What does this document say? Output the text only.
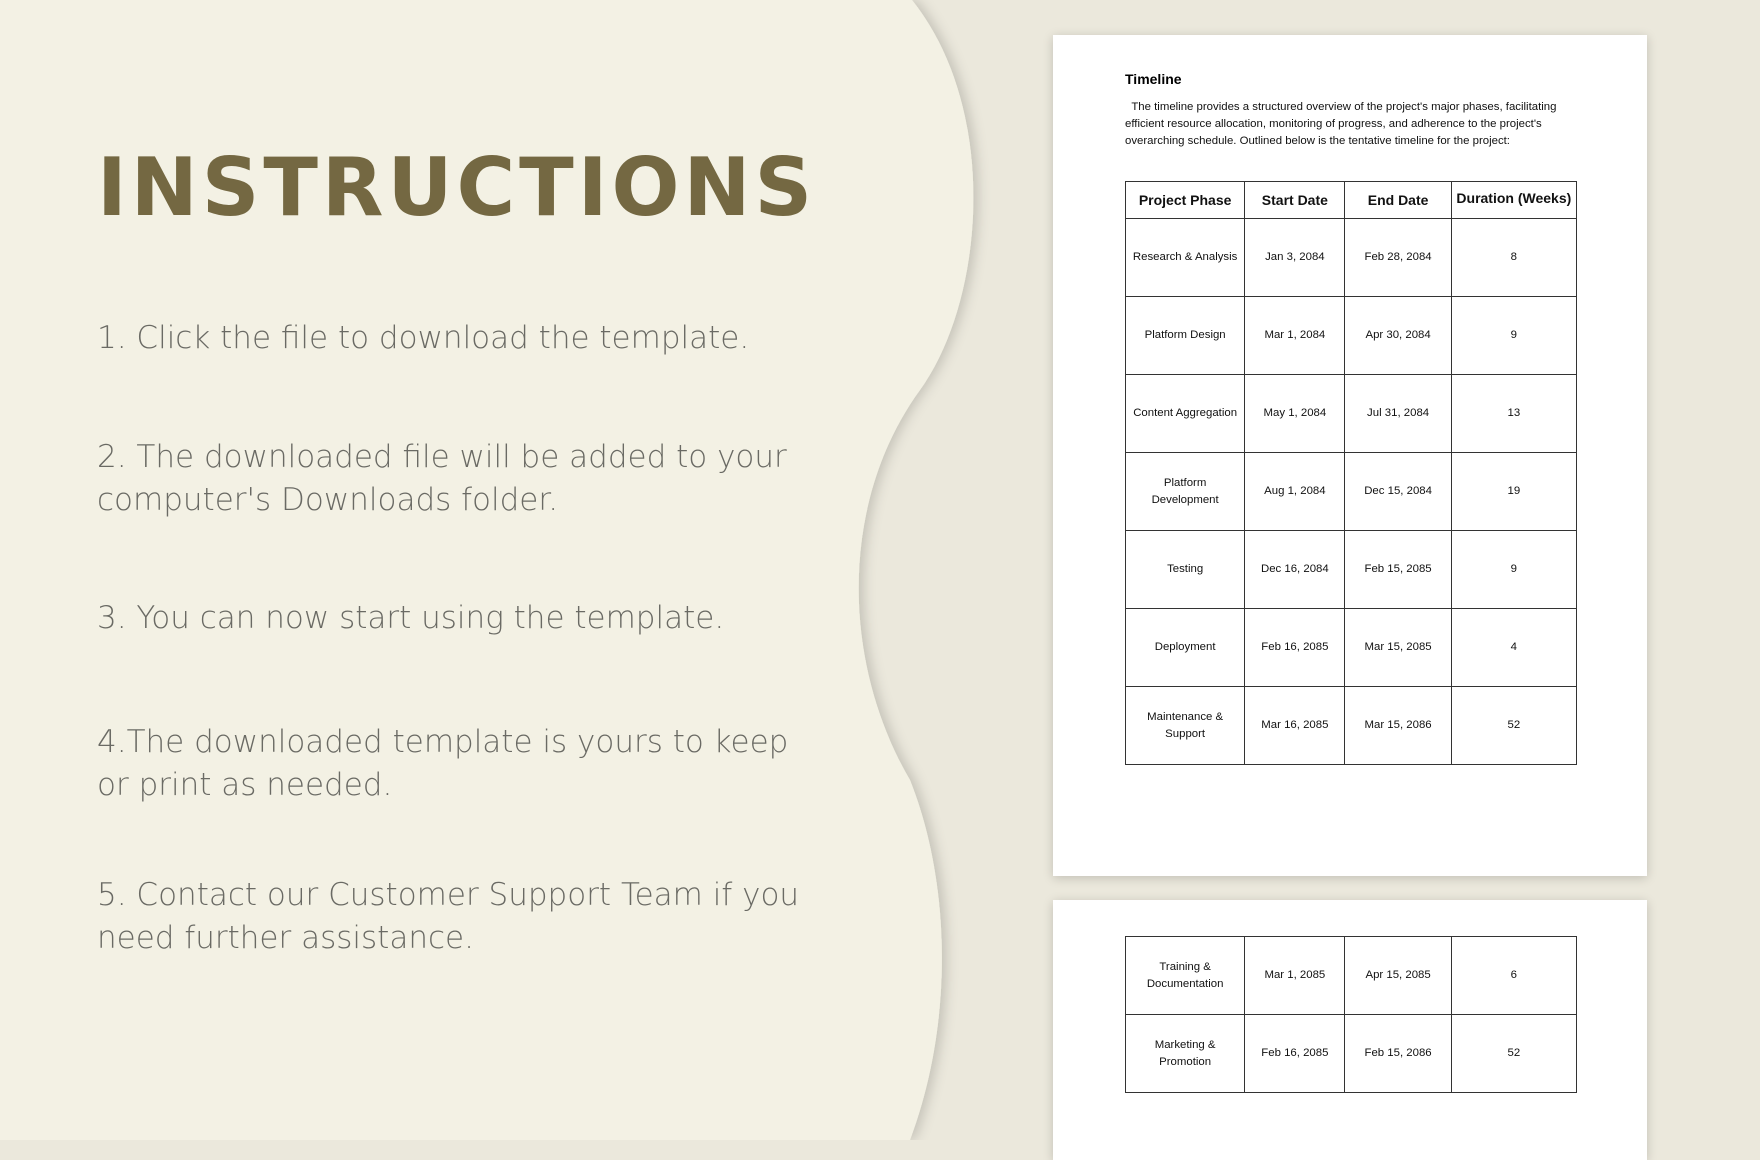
INSTRUCTIONS

1. Click the file to download the template.

2. The downloaded file will be added to your computer's Downloads folder.

3. You can now start using the template.

4.The downloaded template is yours to keep or print as needed.

5. Contact our Customer Support Team if you need further assistance.

Timeline

The timeline provides a structured overview of the project's major phases, facilitating efficient resource allocation, monitoring of progress, and adherence to the project's overarching schedule. Outlined below is the tentative timeline for the project:

Project Phase	Start Date	End Date	Duration (Weeks)

Research & Analysis	Jan 3, 2084	Feb 28, 2084	8
Platform Design	Mar 1, 2084	Apr 30, 2084	9
Content Aggregation	May 1, 2084	Jul 31, 2084	13
Platform Development	Aug 1, 2084	Dec 15, 2084	19
Testing	Dec 16, 2084	Feb 15, 2085	9
Deployment	Feb 16, 2085	Mar 15, 2085	4
Maintenance & Support	Mar 16, 2085	Mar 15, 2086	52
Training & Documentation	Mar 1, 2085	Apr 15, 2085	6
Marketing & Promotion	Feb 16, 2085	Feb 15, 2086	52
